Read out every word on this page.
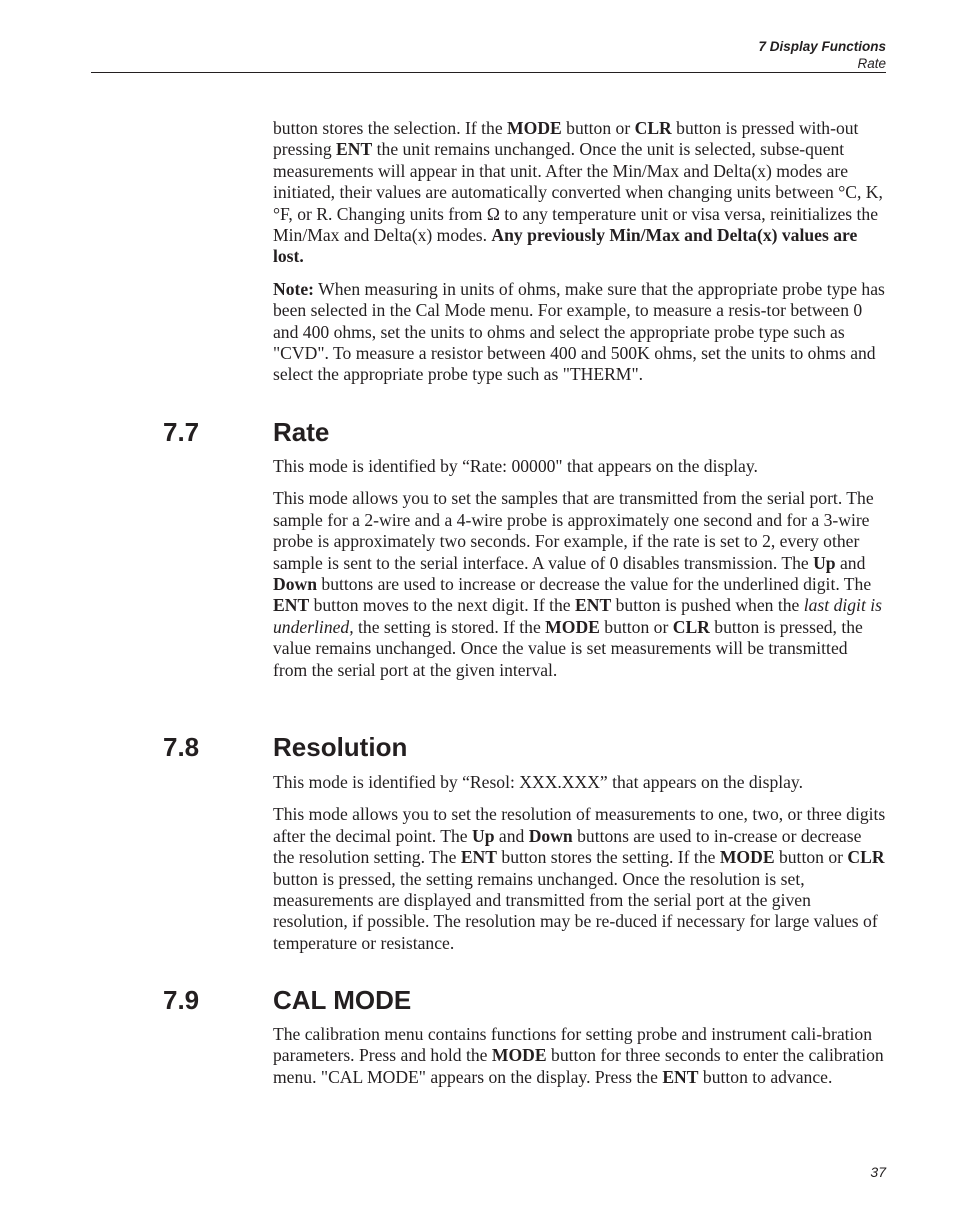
7 Display Functions
Rate

button stores the selection. If the MODE button or CLR button is pressed with-out pressing ENT the unit remains unchanged. Once the unit is selected, subse-quent measurements will appear in that unit. After the Min/Max and Delta(x) modes are initiated, their values are automatically converted when changing units between °C, K, °F, or R. Changing units from Ω to any temperature unit or visa versa, reinitializes the Min/Max and Delta(x) modes. Any previously Min/Max and Delta(x) values are lost.

Note: When measuring in units of ohms, make sure that the appropriate probe type has been selected in the Cal Mode menu. For example, to measure a resis-tor between 0 and 400 ohms, set the units to ohms and select the appropriate probe type such as "CVD". To measure a resistor between 400 and 500K ohms, set the units to ohms and select the appropriate probe type such as "THERM".

7.7	Rate

This mode is identified by “Rate: 00000" that appears on the display.

This mode allows you to set the samples that are transmitted from the serial port. The sample for a 2-wire and a 4-wire probe is approximately one second and for a 3-wire probe is approximately two seconds. For example, if the rate is set to 2, every other sample is sent to the serial interface. A value of 0 disables transmission. The Up and Down buttons are used to increase or decrease the value for the underlined digit. The ENT button moves to the next digit. If the ENT button is pushed when the last digit is underlined, the setting is stored. If the MODE button or CLR button is pressed, the value remains unchanged. Once the value is set measurements will be transmitted from the serial port at the given interval.

7.8	Resolution

This mode is identified by “Resol: XXX.XXX” that appears on the display.

This mode allows you to set the resolution of measurements to one, two, or three digits after the decimal point. The Up and Down buttons are used to in-crease or decrease the resolution setting. The ENT button stores the setting. If the MODE button or CLR button is pressed, the setting remains unchanged. Once the resolution is set, measurements are displayed and transmitted from the serial port at the given resolution, if possible. The resolution may be re-duced if necessary for large values of temperature or resistance.

7.9	CAL MODE

The calibration menu contains functions for setting probe and instrument cali-bration parameters. Press and hold the MODE button for three seconds to enter the calibration menu. "CAL MODE" appears on the display. Press the ENT button to advance.

37
